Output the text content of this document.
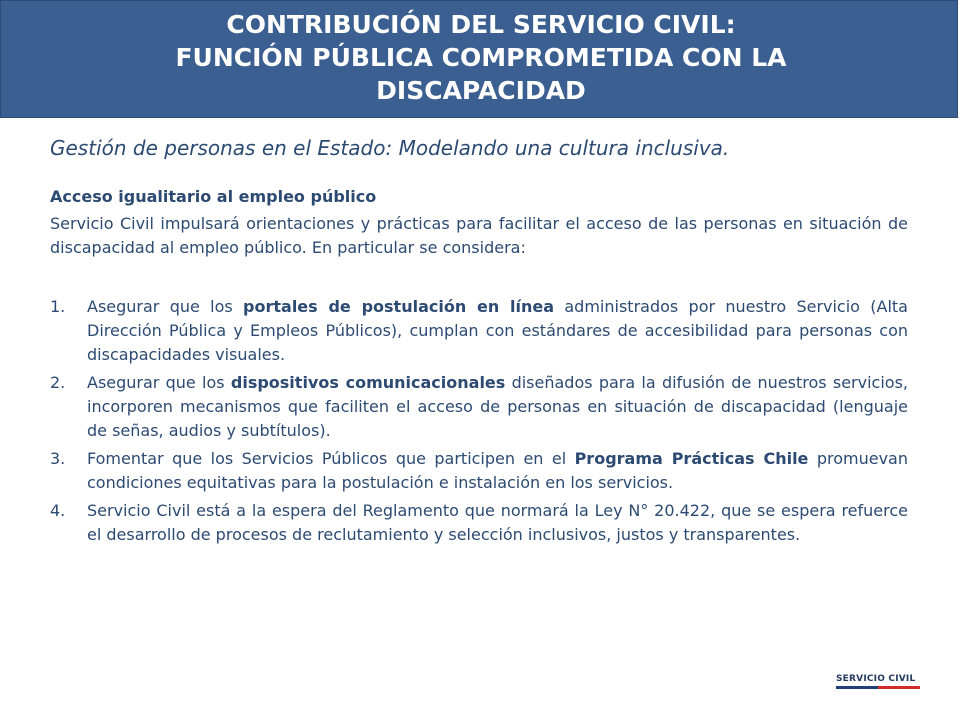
CONTRIBUCIÓN DEL SERVICIO CIVIL:
FUNCIÓN PÚBLICA COMPROMETIDA CON LA
DISCAPACIDAD

Gestión de personas en el Estado: Modelando una cultura inclusiva.

Acceso igualitario al empleo público

Servicio Civil impulsará orientaciones y prácticas para facilitar el acceso de las personas en situación de discapacidad al empleo público. En particular se considera:

1. Asegurar que los portales de postulación en línea administrados por nuestro Servicio (Alta Dirección Pública y Empleos Públicos), cumplan con estándares de accesibilidad para personas con discapacidades visuales.
2. Asegurar que los dispositivos comunicacionales diseñados para la difusión de nuestros servicios, incorporen mecanismos que faciliten el acceso de personas en situación de discapacidad (lenguaje de señas, audios y subtítulos).
3. Fomentar que los Servicios Públicos que participen en el Programa Prácticas Chile promuevan condiciones equitativas para la postulación e instalación en los servicios.
4. Servicio Civil está a la espera del Reglamento que normará la Ley N° 20.422, que se espera refuerce el desarrollo de procesos de reclutamiento y selección inclusivos, justos y transparentes.
SERVICIO CIVIL
